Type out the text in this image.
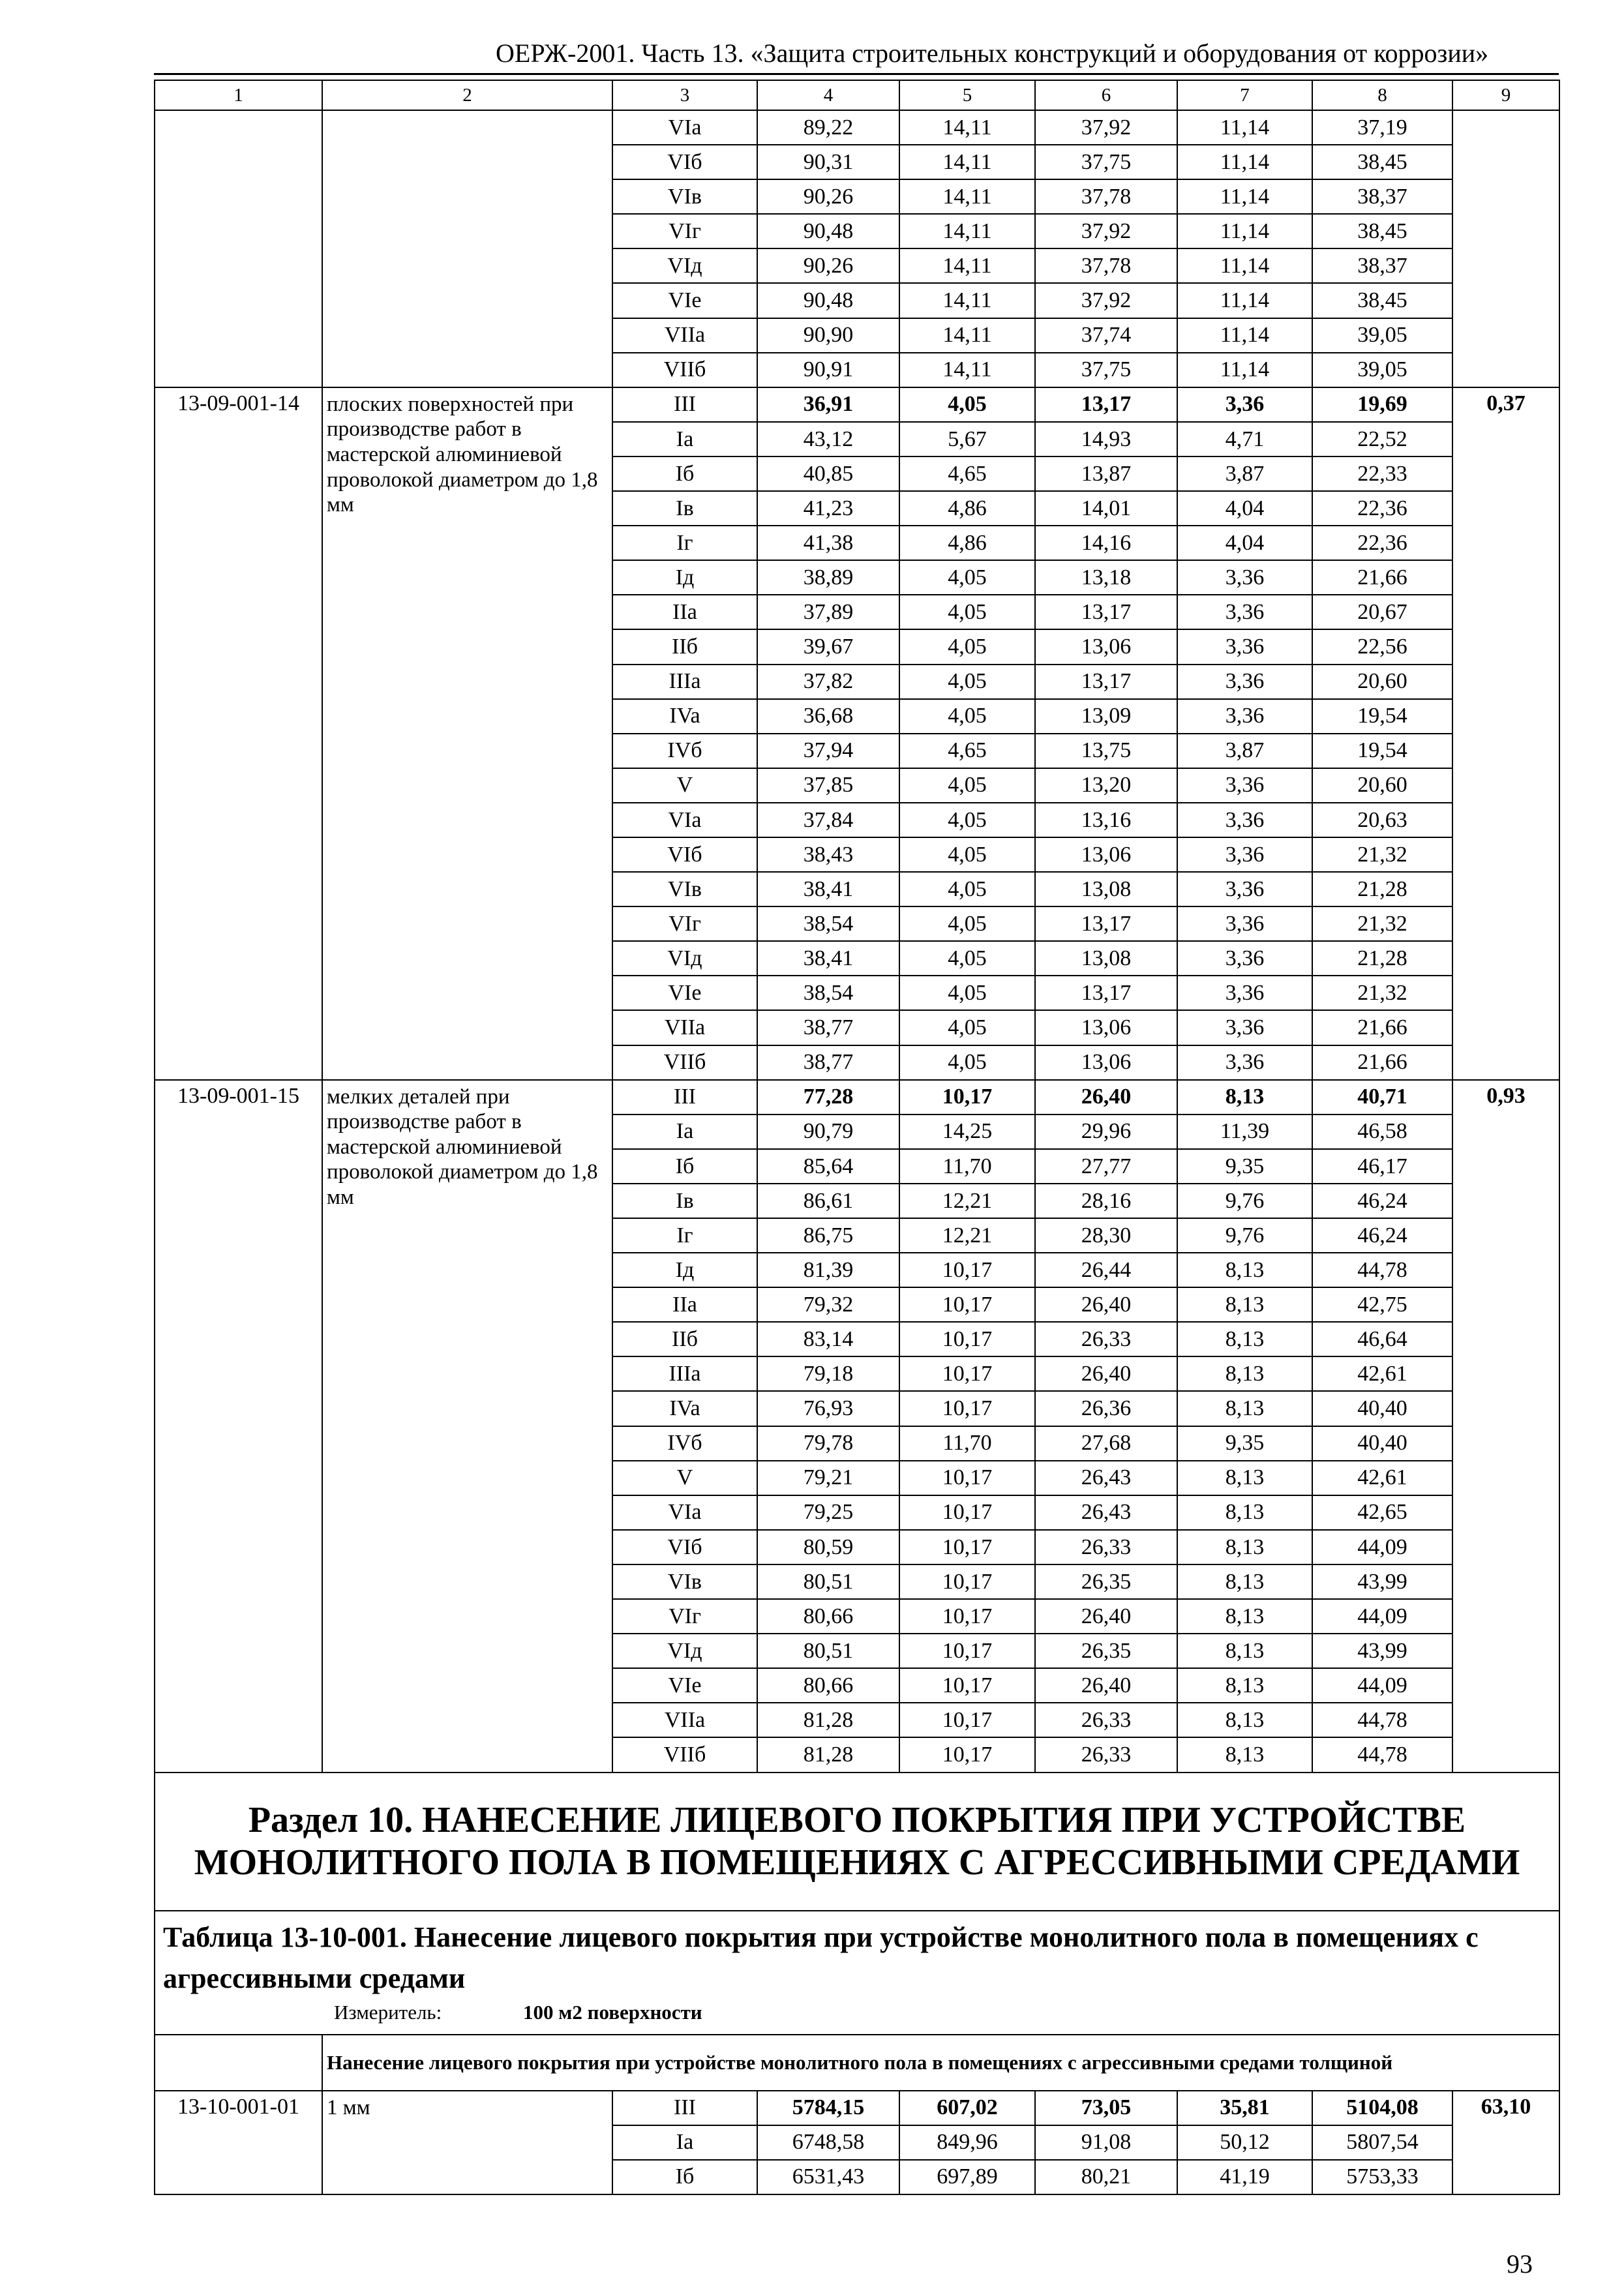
ОЕРЖ-2001. Часть 13. «Защита строительных конструкций и оборудования от коррозии»
1	2	3	4	5	6	7	8	9
		VIa	89,22	14,11	37,92	11,14	37,19	
		VIб	90,31	14,11	37,75	11,14	38,45	
		VIв	90,26	14,11	37,78	11,14	38,37	
		VIг	90,48	14,11	37,92	11,14	38,45	
		VIд	90,26	14,11	37,78	11,14	38,37	
		VIe	90,48	14,11	37,92	11,14	38,45	
		VIIa	90,90	14,11	37,74	11,14	39,05	
		VIIб	90,91	14,11	37,75	11,14	39,05	
13-09-001-14	плоских поверхностей при производстве работ в мастерской алюминиевой проволокой диаметром до 1,8 мм	III	36,91	4,05	13,17	3,36	19,69	0,37
		Ia	43,12	5,67	14,93	4,71	22,52	
		Iб	40,85	4,65	13,87	3,87	22,33	
		Iв	41,23	4,86	14,01	4,04	22,36	
		Iг	41,38	4,86	14,16	4,04	22,36	
		Iд	38,89	4,05	13,18	3,36	21,66	
		IIa	37,89	4,05	13,17	3,36	20,67	
		IIб	39,67	4,05	13,06	3,36	22,56	
		IIIa	37,82	4,05	13,17	3,36	20,60	
		IVa	36,68	4,05	13,09	3,36	19,54	
		IVб	37,94	4,65	13,75	3,87	19,54	
		V	37,85	4,05	13,20	3,36	20,60	
		VIa	37,84	4,05	13,16	3,36	20,63	
		VIб	38,43	4,05	13,06	3,36	21,32	
		VIв	38,41	4,05	13,08	3,36	21,28	
		VIг	38,54	4,05	13,17	3,36	21,32	
		VIд	38,41	4,05	13,08	3,36	21,28	
		VIe	38,54	4,05	13,17	3,36	21,32	
		VIIa	38,77	4,05	13,06	3,36	21,66	
		VIIб	38,77	4,05	13,06	3,36	21,66	
13-09-001-15	мелких деталей при производстве работ в мастерской алюминиевой проволокой диаметром до 1,8 мм	III	77,28	10,17	26,40	8,13	40,71	0,93
		Ia	90,79	14,25	29,96	11,39	46,58	
		Iб	85,64	11,70	27,77	9,35	46,17	
		Iв	86,61	12,21	28,16	9,76	46,24	
		Iг	86,75	12,21	28,30	9,76	46,24	
		Iд	81,39	10,17	26,44	8,13	44,78	
		IIa	79,32	10,17	26,40	8,13	42,75	
		IIб	83,14	10,17	26,33	8,13	46,64	
		IIIa	79,18	10,17	26,40	8,13	42,61	
		IVa	76,93	10,17	26,36	8,13	40,40	
		IVб	79,78	11,70	27,68	9,35	40,40	
		V	79,21	10,17	26,43	8,13	42,61	
		VIa	79,25	10,17	26,43	8,13	42,65	
		VIб	80,59	10,17	26,33	8,13	44,09	
		VIв	80,51	10,17	26,35	8,13	43,99	
		VIг	80,66	10,17	26,40	8,13	44,09	
		VIд	80,51	10,17	26,35	8,13	43,99	
		VIe	80,66	10,17	26,40	8,13	44,09	
		VIIa	81,28	10,17	26,33	8,13	44,78	
		VIIб	81,28	10,17	26,33	8,13	44,78	
Раздел 10. НАНЕСЕНИЕ ЛИЦЕВОГО ПОКРЫТИЯ ПРИ УСТРОЙСТВЕ МОНОЛИТНОГО ПОЛА В ПОМЕЩЕНИЯХ С АГРЕССИВНЫМИ СРЕДАМИ								

Таблица 13-10-001. Нанесение лицевого покрытия при устройстве монолитного пола в помещениях с агрессивными средами
Измеритель: 100 м2 поверхности								

	Нанесение лицевого покрытия при устройстве монолитного пола в помещениях с агрессивными средами толщиной							
13-10-001-01	1 мм	III	5784,15	607,02	73,05	35,81	5104,08	63,10
		Ia	6748,58	849,96	91,08	50,12	5807,54	
		Iб	6531,43	697,89	80,21	41,19	5753,33	
93
